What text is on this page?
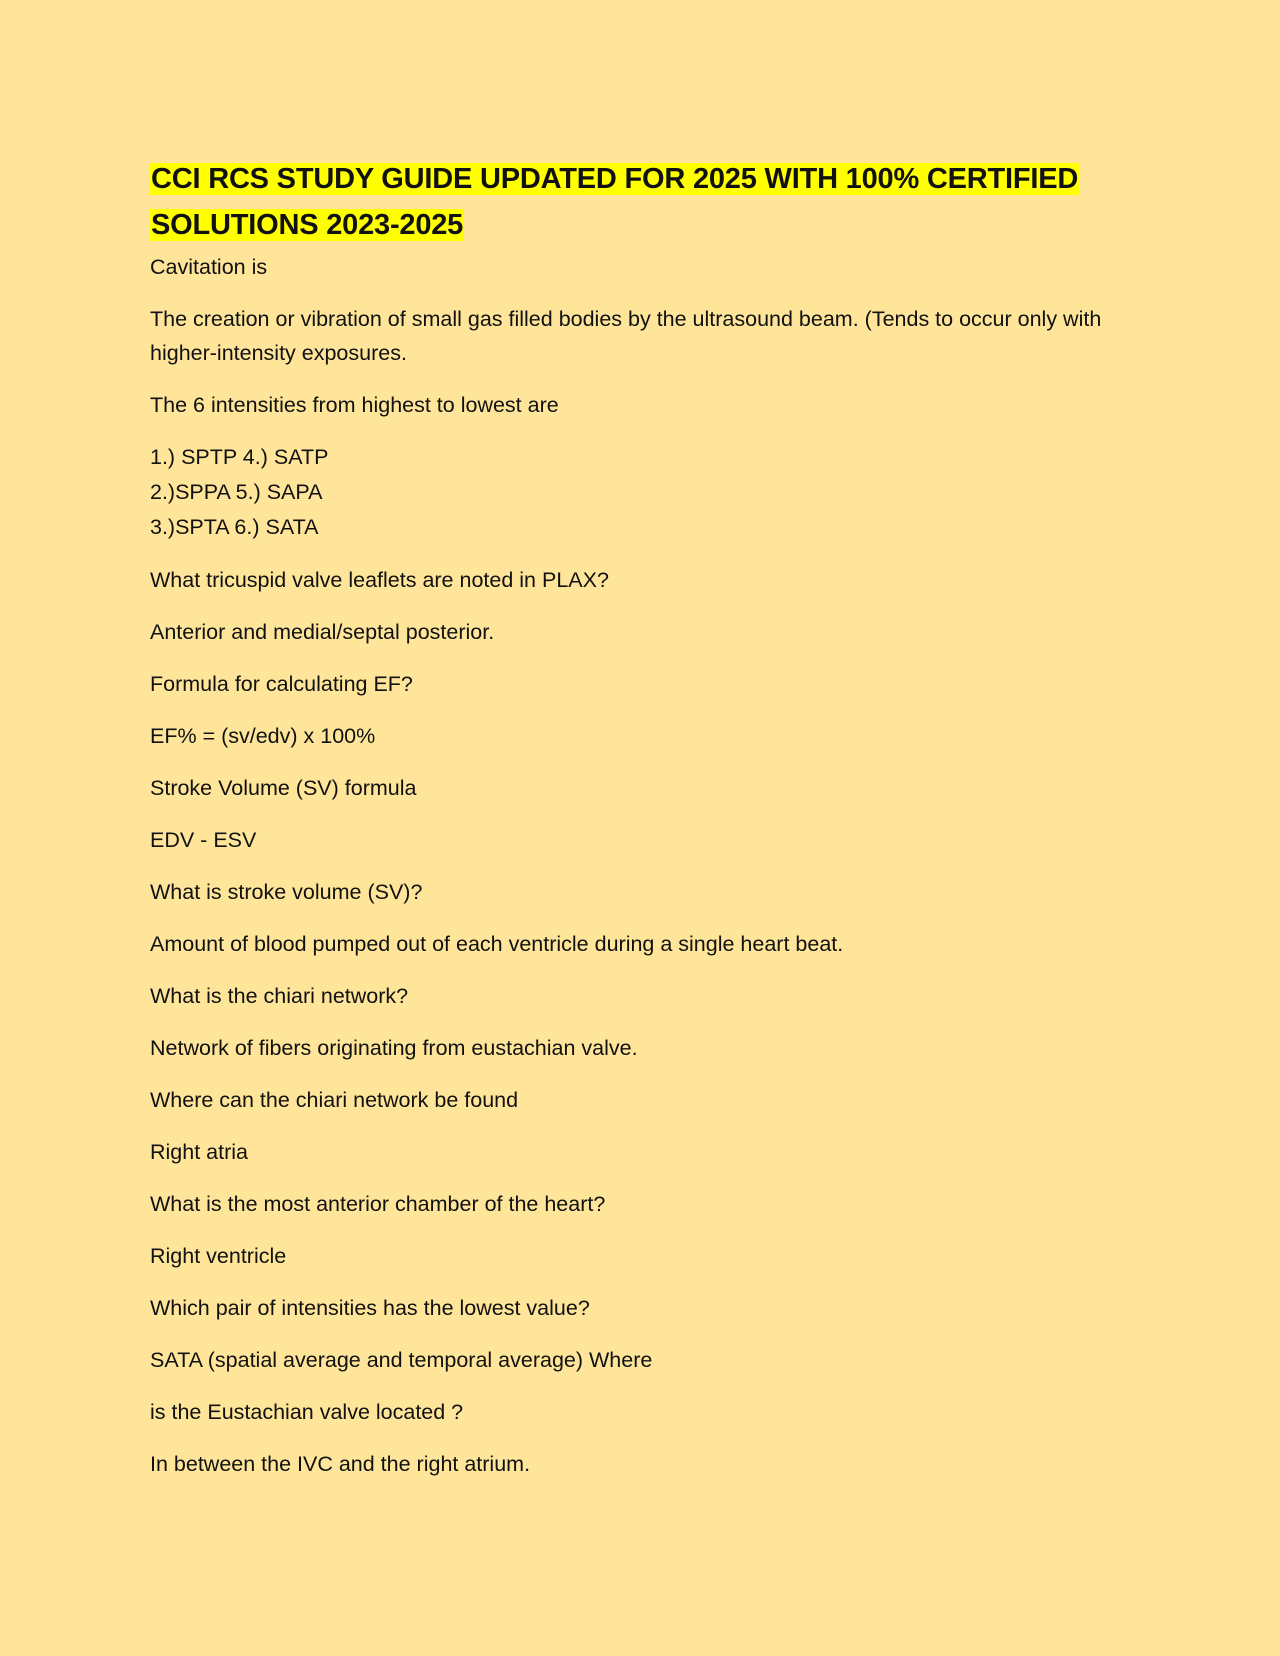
CCI RCS STUDY GUIDE UPDATED FOR 2025 WITH 100% CERTIFIED
SOLUTIONS 2023-2025

Cavitation is

The creation or vibration of small gas filled bodies by the ultrasound beam. (Tends to occur only with higher-intensity exposures.

The 6 intensities from highest to lowest are

1.) SPTP 4.) SATP
2.)SPPA 5.) SAPA
3.)SPTA 6.) SATA

What tricuspid valve leaflets are noted in PLAX?

Anterior and medial/septal posterior.

Formula for calculating EF?

EF% = (sv/edv) x 100%

Stroke Volume (SV) formula

EDV - ESV

What is stroke volume (SV)?

Amount of blood pumped out of each ventricle during a single heart beat.

What is the chiari network?

Network of fibers originating from eustachian valve.

Where can the chiari network be found

Right atria

What is the most anterior chamber of the heart?

Right ventricle

Which pair of intensities has the lowest value?

SATA (spatial average and temporal average) Where

is the Eustachian valve located ?

In between the IVC and the right atrium.
